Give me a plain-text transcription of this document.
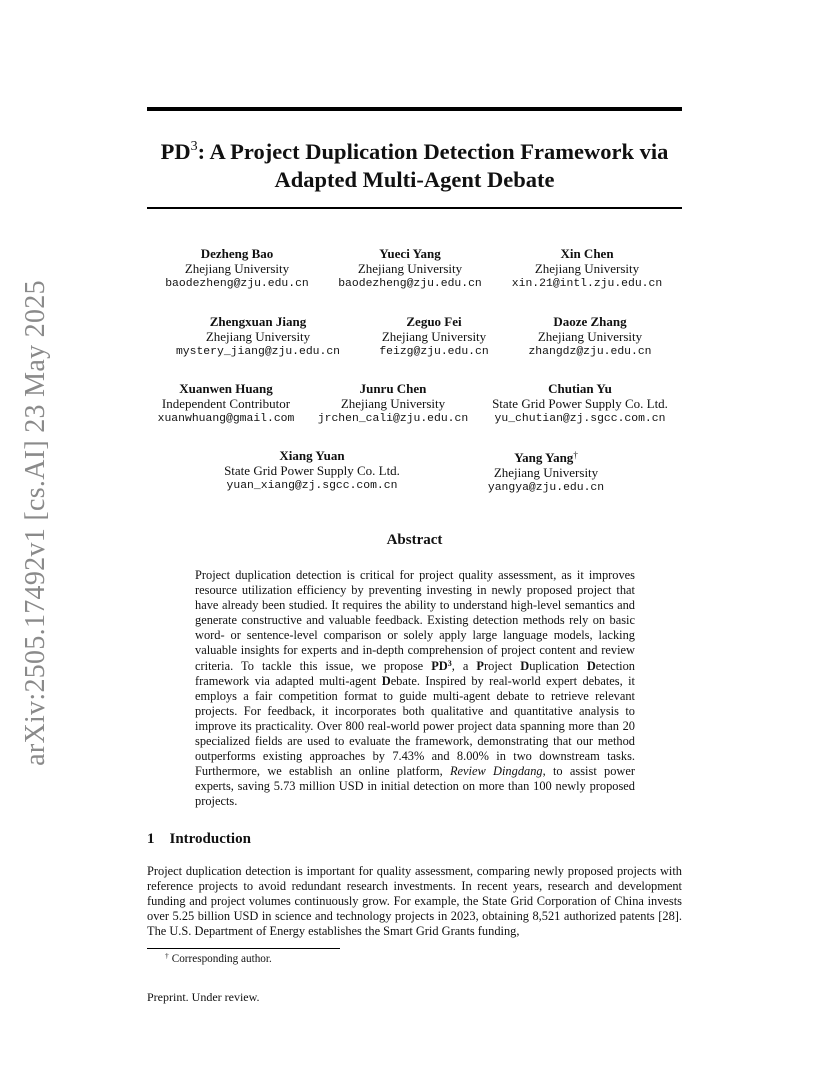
arXiv:2505.17492v1 [cs.AI] 23 May 2025
$PD^3$: A Project Duplication Detection Framework via Adapted Multi-Agent Debate
Dezheng Bao
Zhejiang University
baodezheng@zju.edu.cn
Yueci Yang
Zhejiang University
baodezheng@zju.edu.cn
Xin Chen
Zhejiang University
xin.21@intl.zju.edu.cn
Zhengxuan Jiang
Zhejiang University
mystery_jiang@zju.edu.cn
Zeguo Fei
Zhejiang University
feizg@zju.edu.cn
Daoze Zhang
Zhejiang University
zhangdz@zju.edu.cn
Xuanwen Huang
Independent Contributor
xuanwhuang@gmail.com
Junru Chen
Zhejiang University
jrchen_cali@zju.edu.cn
Chutian Yu
State Grid Power Supply Co. Ltd.
yu_chutian@zj.sgcc.com.cn
Xiang Yuan
State Grid Power Supply Co. Ltd.
yuan_xiang@zj.sgcc.com.cn
Yang Yang†
Zhejiang University
yangya@zju.edu.cn
Abstract
Project duplication detection is critical for project quality assessment, as it improves resource utilization efficiency by preventing investing in newly proposed project that have already been studied. It requires the ability to understand high-level semantics and generate constructive and valuable feedback. Existing detection methods rely on basic word- or sentence-level comparison or solely apply large language models, lacking valuable insights for experts and in-depth comprehension of project content and review criteria. To tackle this issue, we propose $PD^3$, a Project Duplication Detection framework via adapted multi-agent Debate. Inspired by real-world expert debates, it employs a fair competition format to guide multi-agent debate to retrieve relevant projects. For feedback, it incorporates both qualitative and quantitative analysis to improve its practicality. Over 800 real-world power project data spanning more than 20 specialized fields are used to evaluate the framework, demonstrating that our method outperforms existing approaches by 7.43% and 8.00% in two downstream tasks. Furthermore, we establish an online platform, Review Dingdang, to assist power experts, saving 5.73 million USD in initial detection on more than 100 newly proposed projects.
1 Introduction
Project duplication detection is important for quality assessment, comparing newly proposed projects with reference projects to avoid redundant research investments. In recent years, research and development funding and project volumes continuously grow. For example, the State Grid Corporation of China invests over 5.25 billion USD in science and technology projects in 2023, obtaining 8,521 authorized patents [28]. The U.S. Department of Energy establishes the Smart Grid Grants funding,
† Corresponding author.
Preprint. Under review.
